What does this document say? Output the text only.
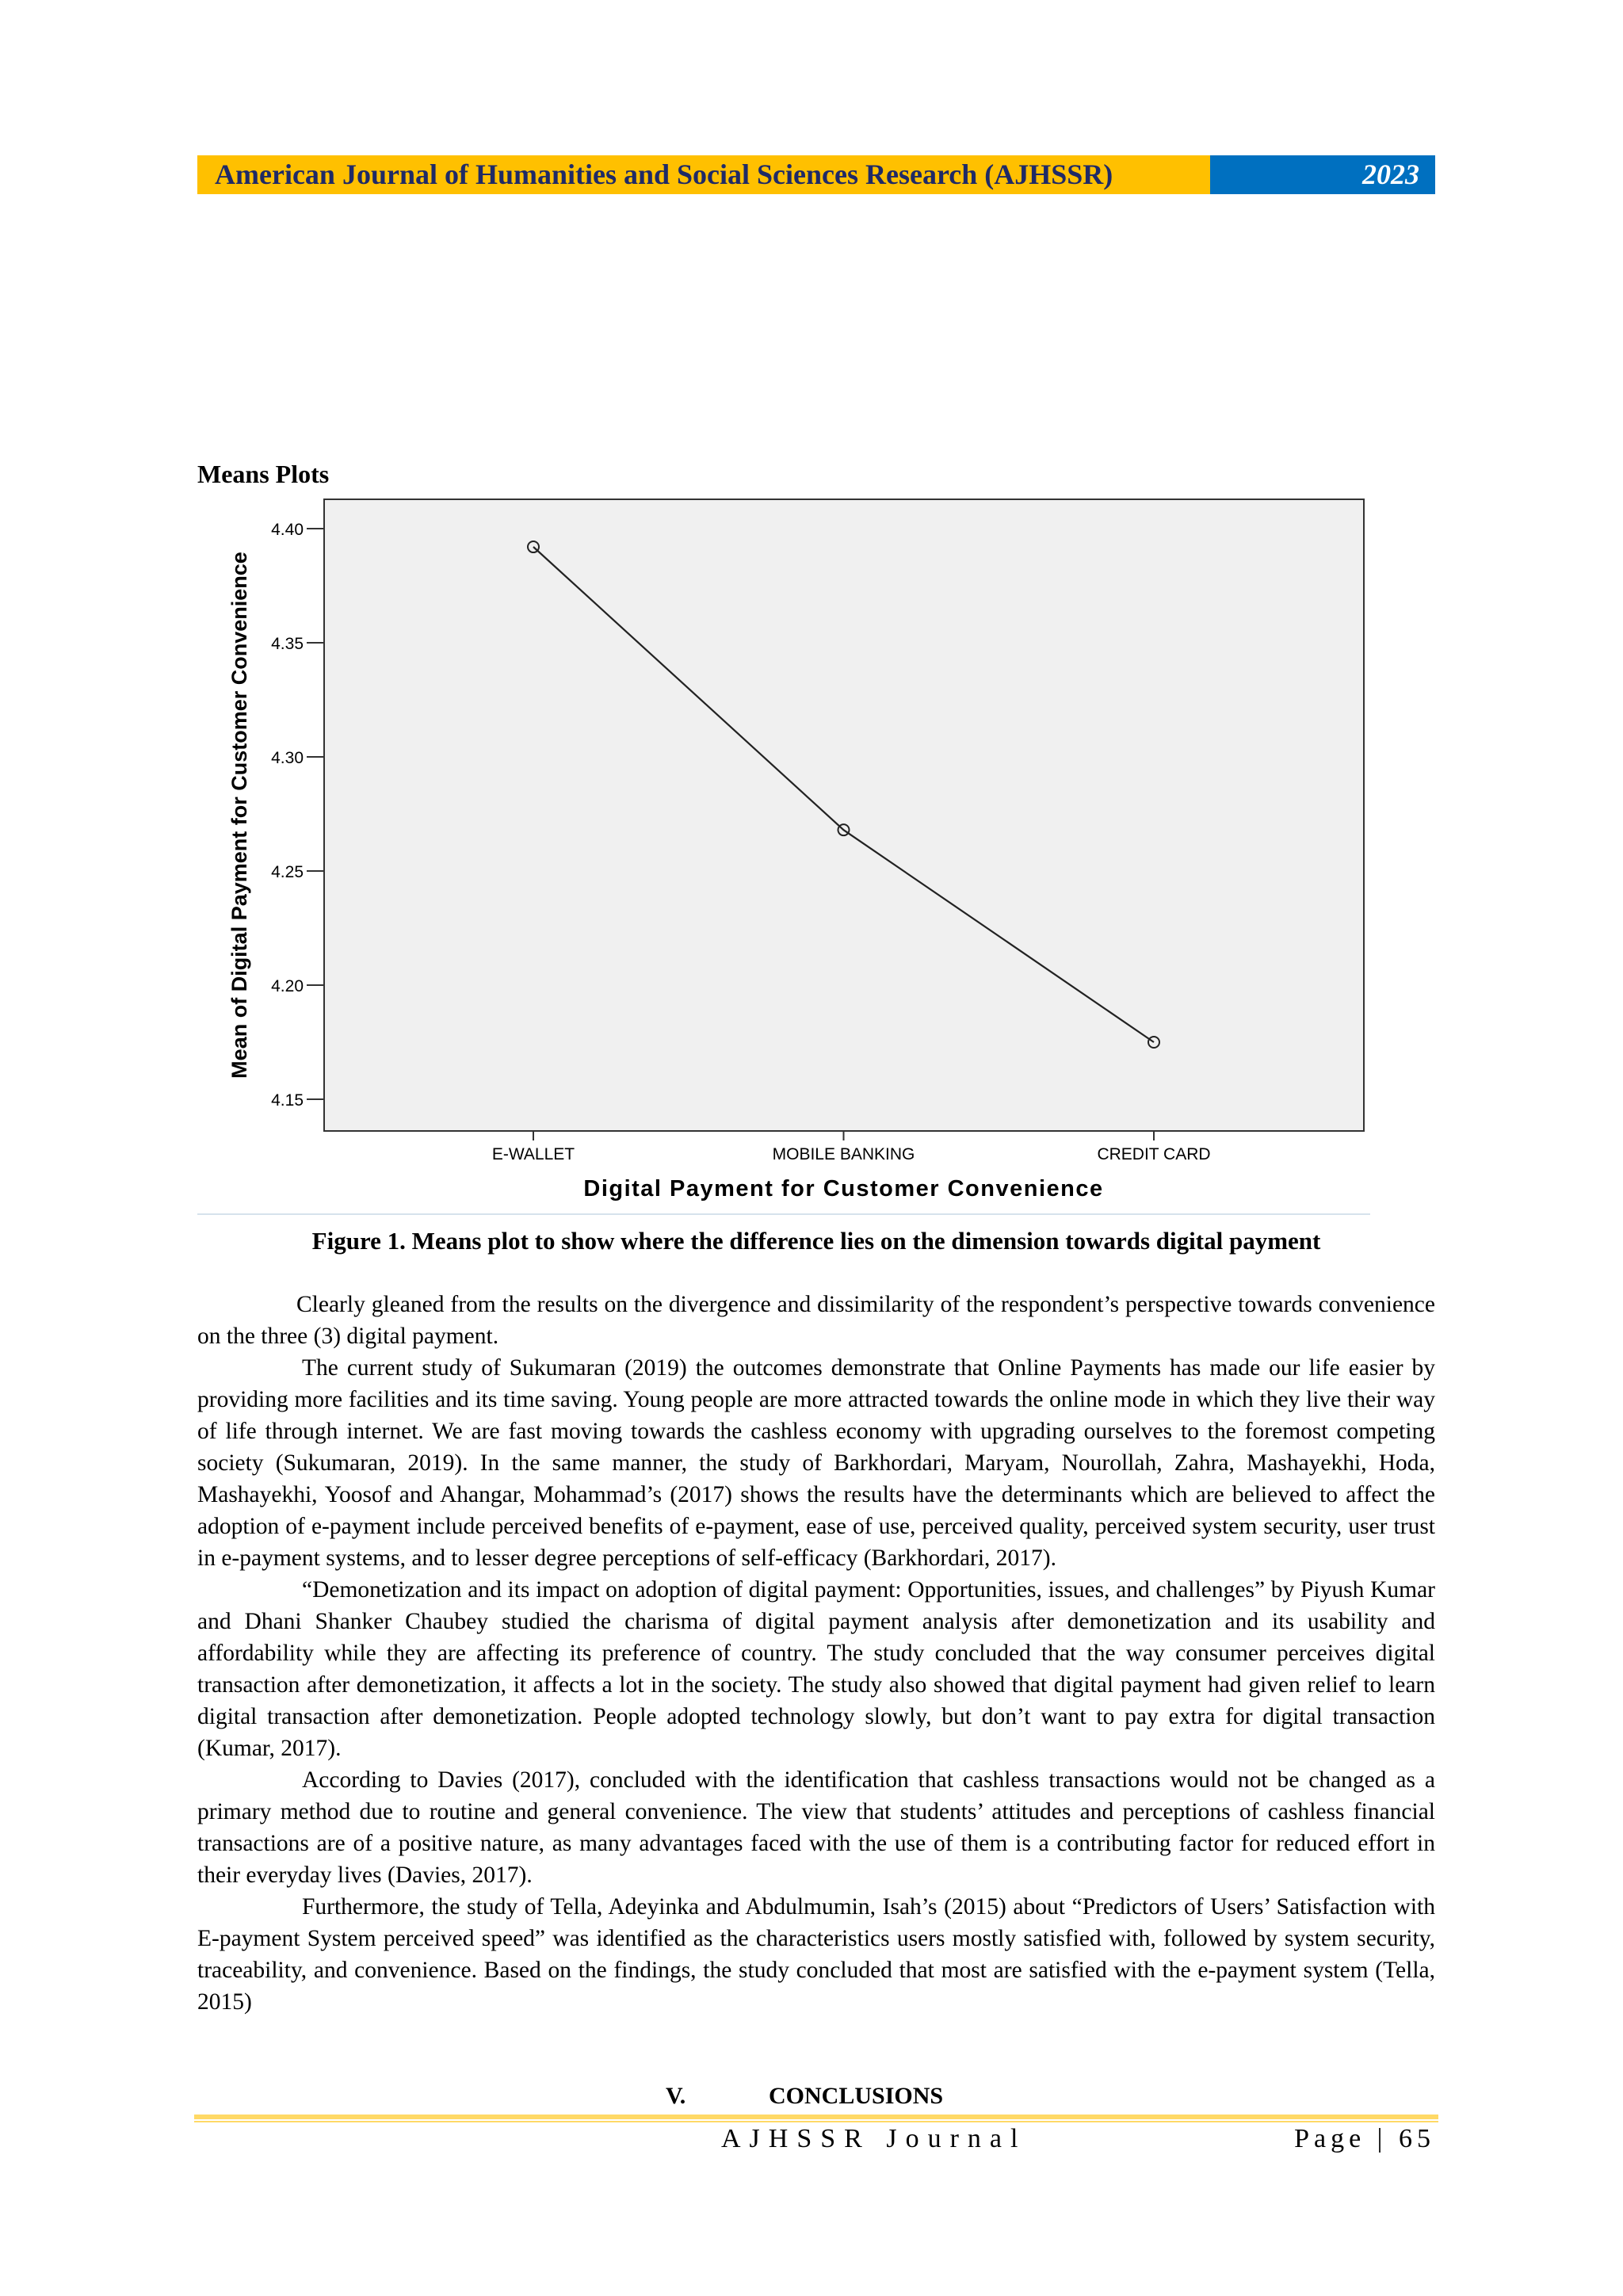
American Journal of Humanities and Social Sciences Research (AJHSSR)	2023
Means Plots
4.15
4.20
4.25
4.30
4.35
4.40
E-WALLET	MOBILE BANKING	CREDIT CARD
Mean of Digital Payment for Customer Convenience
Digital Payment for Customer Convenience
Figure 1. Means plot to show where the difference lies on the dimension towards digital payment

Clearly gleaned from the results on the divergence and dissimilarity of the respondent’s perspective towards convenience on the three (3) digital payment.

The current study of Sukumaran (2019) the outcomes demonstrate that Online Payments has made our life easier by providing more facilities and its time saving. Young people are more attracted towards the online mode in which they live their way of life through internet. We are fast moving towards the cashless economy with upgrading ourselves to the foremost competing society (Sukumaran, 2019). In the same manner, the study of Barkhordari, Maryam, Nourollah, Zahra, Mashayekhi, Hoda, Mashayekhi, Yoosof and Ahangar, Mohammad’s (2017) shows the results have the determinants which are believed to affect the adoption of e-payment include perceived benefits of e-payment, ease of use, perceived quality, perceived system security, user trust in e-payment systems, and to lesser degree perceptions of self-efficacy (Barkhordari, 2017).

“Demonetization and its impact on adoption of digital payment: Opportunities, issues, and challenges” by Piyush Kumar and Dhani Shanker Chaubey studied the charisma of digital payment analysis after demonetization and its usability and affordability while they are affecting its preference of country. The study concluded that the way consumer perceives digital transaction after demonetization, it affects a lot in the society. The study also showed that digital payment had given relief to learn digital transaction after demonetization. People adopted technology slowly, but don’t want to pay extra for digital transaction (Kumar, 2017).

According to Davies (2017), concluded with the identification that cashless transactions would not be changed as a primary method due to routine and general convenience. The view that students’ attitudes and perceptions of cashless financial transactions are of a positive nature, as many advantages faced with the use of them is a contributing factor for reduced effort in their everyday lives (Davies, 2017).

Furthermore, the study of Tella, Adeyinka and Abdulmumin, Isah’s (2015) about “Predictors of Users’ Satisfaction with E-payment System perceived speed” was identified as the characteristics users mostly satisfied with, followed by system security, traceability, and convenience. Based on the findings, the study concluded that most are satisfied with the e-payment system (Tella, 2015)

V.	CONCLUSIONS
AJHSSR Journal	Page | 65
